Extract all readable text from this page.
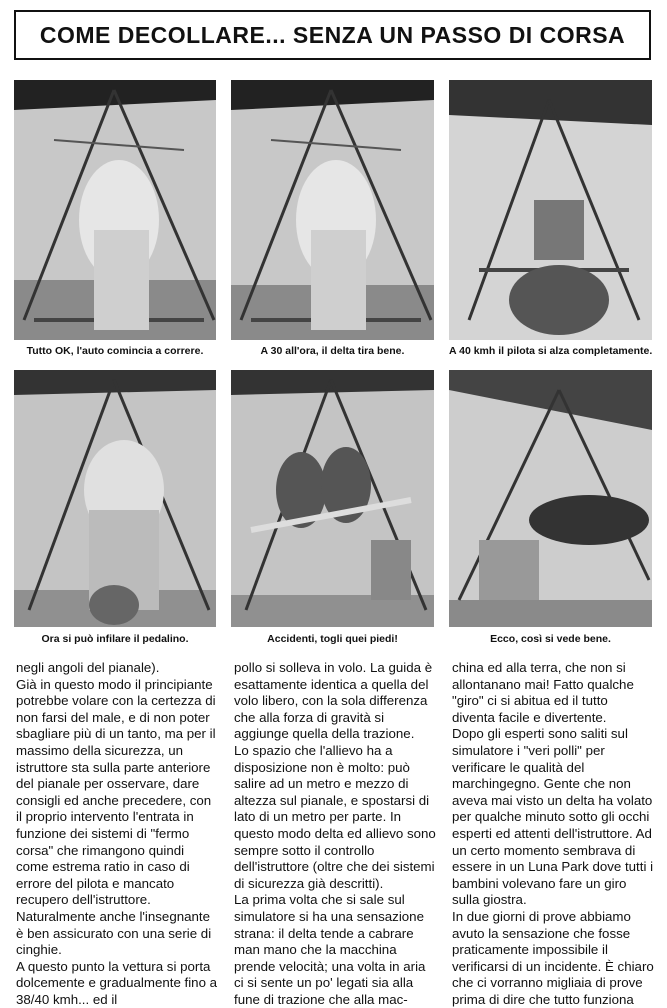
COME DECOLLARE... SENZA UN PASSO DI CORSA
Tutto OK, l'auto comincia a correre.	A 30 all'ora, il delta tira bene.	A 40 kmh il pilota si alza completamente.
Ora si può infilare il pedalino.	Accidenti, togli quei piedi!	Ecco, così si vede bene.

negli angoli del pianale).

Già in questo modo il principiante potrebbe volare con la certezza di non farsi del male, e di non poter sbagliare più di un tanto, ma per il massimo della sicurezza, un istruttore sta sulla parte anteriore del pianale per osservare, dare consigli ed anche precedere, con il proprio intervento l'entrata in funzione dei sistemi di "fermo corsa" che rimangono quindi come estrema ratio in caso di errore del pilota e mancato recupero dell'istruttore. Naturalmente anche l'insegnante è ben assicurato con una serie di cinghie.

A questo punto la vettura si porta dolcemente e gradualmente fino a 38/40 kmh... ed il

pollo si solleva in volo. La guida è esattamente identica a quella del volo libero, con la sola differenza che alla forza di gravità si aggiunge quella della trazione.

Lo spazio che l'allievo ha a disposizione non è molto: può salire ad un metro e mezzo di altezza sul pianale, e spostarsi di lato di un metro per parte. In questo modo delta ed allievo sono sempre sotto il controllo dell'istruttore (oltre che dei sistemi di sicurezza già descritti).

La prima volta che si sale sul simulatore si ha una sensazione strana: il delta tende a cabrare man mano che la macchina prende velocità; una volta in aria ci si sente un po' legati sia alla fune di trazione che alla mac-

china ed alla terra, che non si allontanano mai! Fatto qualche "giro" ci si abitua ed il tutto diventa facile e divertente.

Dopo gli esperti sono saliti sul simulatore i "veri polli" per verificare le qualità del marchingegno. Gente che non aveva mai visto un delta ha volato per qualche minuto sotto gli occhi esperti ed attenti dell'istruttore. Ad un certo momento sembrava di essere in un Luna Park dove tutti i bambini volevano fare un giro sulla giostra.

In due giorni di prove abbiamo avuto la sensazione che fosse praticamente impossibile il verificarsi di un incidente. È chiaro che ci vorranno migliaia di prove prima di dire che tutto funziona
